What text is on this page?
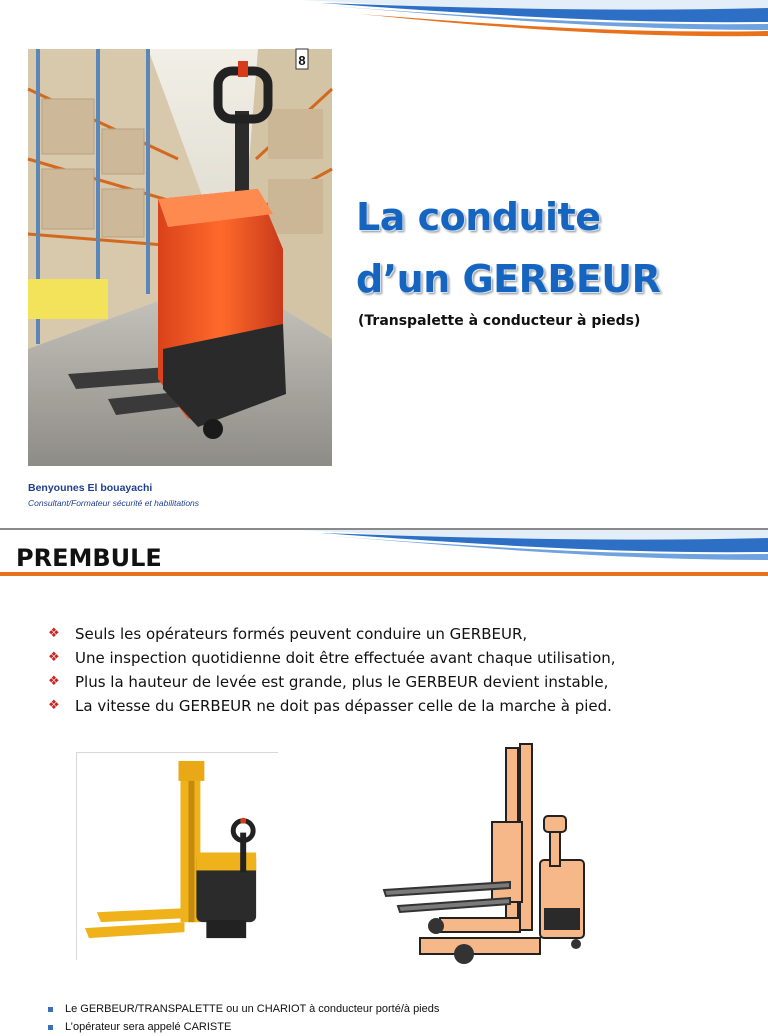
8
La conduite
d’un GERBEUR
(Transpalette à conducteur à pieds)
Benyounes El bouayachi
Consultant/Formateur sécurité et habilitations
PREMBULE
❖	Seuls les opérateurs formés peuvent conduire un GERBEUR,
❖	Une inspection quotidienne doit être effectuée avant chaque utilisation,
❖	Plus la hauteur de levée est grande, plus le GERBEUR devient instable,
❖	La vitesse du GERBEUR ne doit pas dépasser celle de la marche à pied.
Le GERBEUR/TRANSPALETTE ou un CHARIOT à conducteur porté/à pieds
L’opérateur sera appelé CARISTE
